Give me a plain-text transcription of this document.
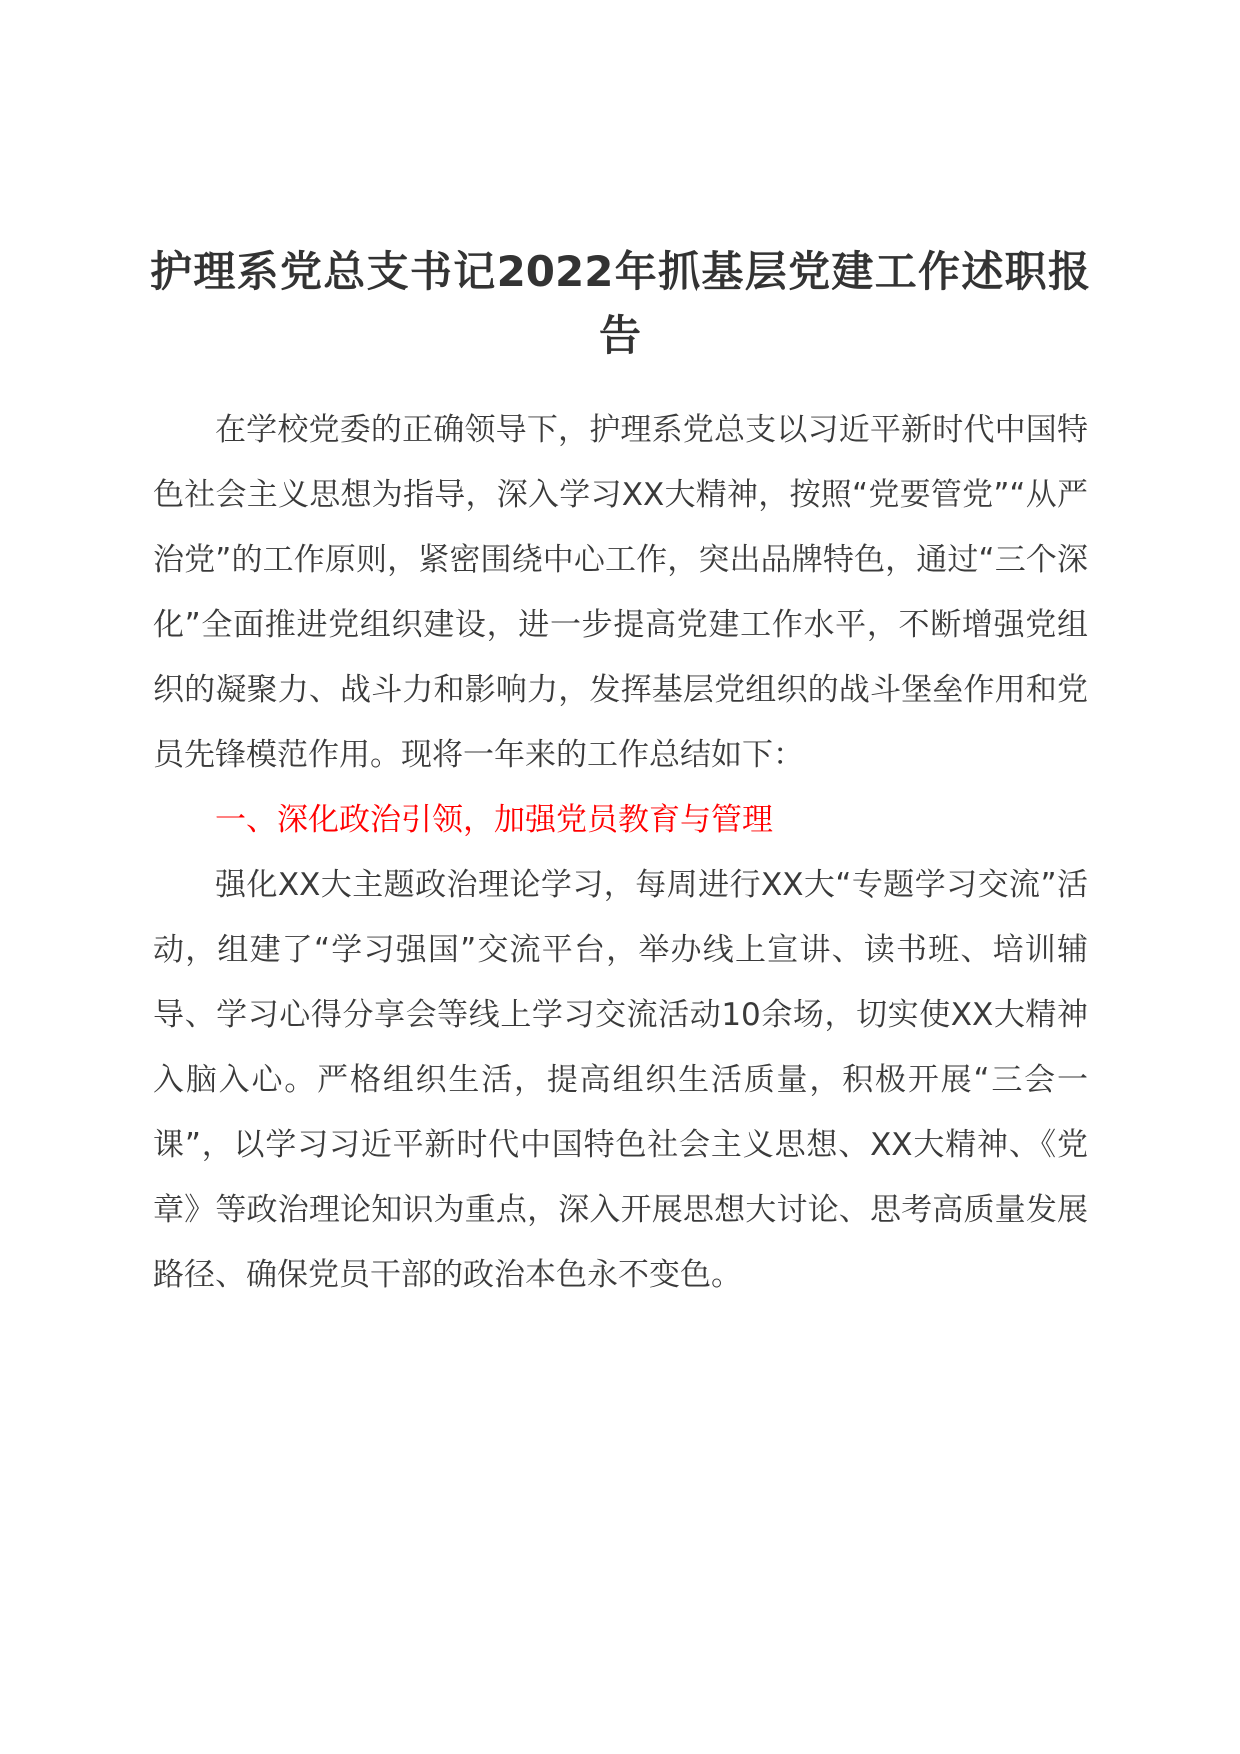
护理系党总支书记2022年抓基层党建工作述职报告

在学校党委的正确领导下，护理系党总支以习近平新时代中国特色社会主义思想为指导，深入学习XX大精神，按照“党要管党”“从严治党”的工作原则，紧密围绕中心工作，突出品牌特色，通过“三个深化”全面推进党组织建设，进一步提高党建工作水平，不断增强党组织的凝聚力、战斗力和影响力，发挥基层党组织的战斗堡垒作用和党员先锋模范作用。现将一年来的工作总结如下：

一、深化政治引领，加强党员教育与管理

强化XX大主题政治理论学习，每周进行XX大“专题学习交流”活动，组建了“学习强国”交流平台，举办线上宣讲、读书班、培训辅导、学习心得分享会等线上学习交流活动10余场，切实使XX大精神入脑入心。严格组织生活，提高组织生活质量，积极开展“三会一课”，以学习习近平新时代中国特色社会主义思想、XX大精神、《党章》等政治理论知识为重点，深入开展思想大讨论、思考高质量发展路径、确保党员干部的政治本色永不变色。
